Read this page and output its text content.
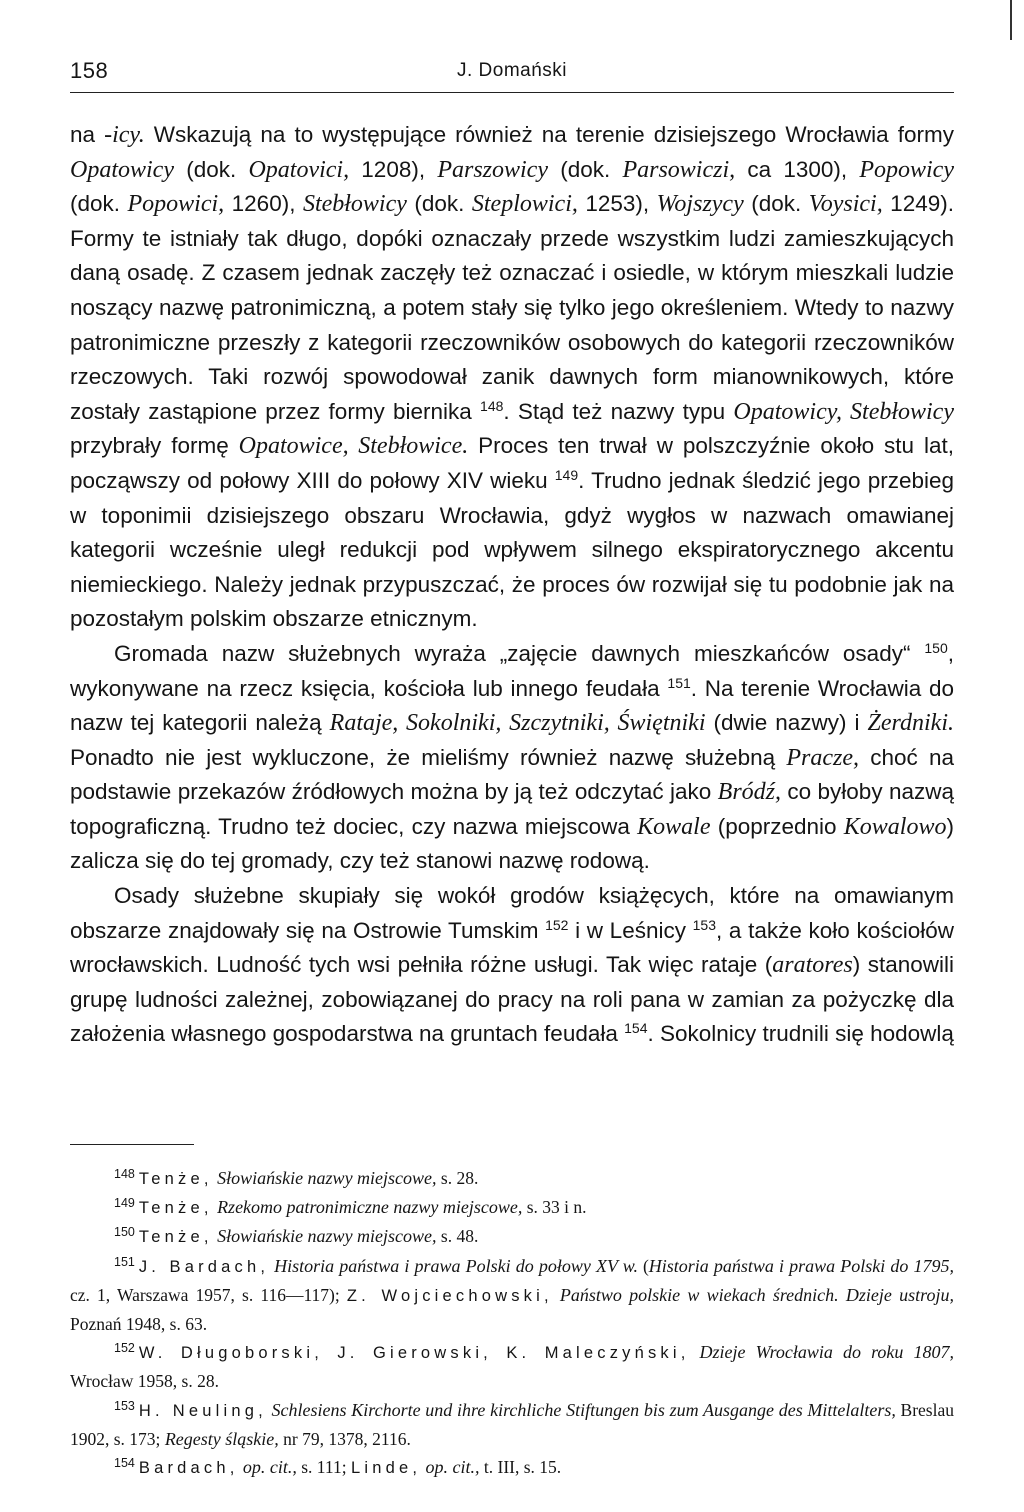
158	J. Domański

na -icy. Wskazują na to występujące również na terenie dzisiejszego Wrocławia formy Opatowicy (dok. Opatovici, 1208), Parszowicy (dok. Parsowiczi, ca 1300), Popowicy (dok. Popowici, 1260), Stebłowicy (dok. Steplowici, 1253), Wojszycy (dok. Voysici, 1249). Formy te istniały tak długo, dopóki oznaczały przede wszystkim ludzi zamieszkujących daną osadę. Z czasem jednak zaczęły też oznaczać i osiedle, w którym mieszkali ludzie noszący nazwę patronimiczną, a potem stały się tylko jego określeniem. Wtedy to nazwy patronimiczne przeszły z kategorii rzeczowników osobowych do kategorii rzeczowników rzeczowych. Taki rozwój spowodował zanik dawnych form mianownikowych, które zostały zastąpione przez formy biernika $^{148}$. Stąd też nazwy typu Opatowicy, Stebłowicy przybrały formę Opatowice, Stebłowice. Proces ten trwał w polszczyźnie około stu lat, począwszy od połowy XIII do połowy XIV wieku $^{149}$. Trudno jednak śledzić jego przebieg w toponimii dzisiejszego obszaru Wrocławia, gdyż wygłos w nazwach omawianej kategorii wcześnie uległ redukcji pod wpływem silnego ekspiratorycznego akcentu niemieckiego. Należy jednak przypuszczać, że proces ów rozwijał się tu podobnie jak na pozostałym polskim obszarze etnicznym.

Gromada nazw służebnych wyraża „zajęcie dawnych mieszkańców osady“ $^{150}$, wykonywane na rzecz księcia, kościoła lub innego feudała $^{151}$. Na terenie Wrocławia do nazw tej kategorii należą Rataje, Sokolniki, Szczytniki, Świętniki (dwie nazwy) i Żerdniki. Ponadto nie jest wykluczone, że mieliśmy również nazwę służebną Pracze, choć na podstawie przekazów źródłowych można by ją też odczytać jako Bródź, co byłoby nazwą topograficzną. Trudno też dociec, czy nazwa miejscowa Kowale (poprzednio Kowalowo) zalicza się do tej gromady, czy też stanowi nazwę rodową.

Osady służebne skupiały się wokół grodów książęcych, które na omawianym obszarze znajdowały się na Ostrowie Tumskim $^{152}$ i w Leśnicy $^{153}$, a także koło kościołów wrocławskich. Ludność tych wsi pełniła różne usługi. Tak więc rataje (aratores) stanowili grupę ludności zależnej, zobowiązanej do pracy na roli pana w zamian za pożyczkę dla założenia własnego gospodarstwa na gruntach feudała $^{154}$. Sokolnicy trudnili się hodowlą

$^{148}$ Tenże, Słowiańskie nazwy miejscowe, s. 28.

$^{149}$ Tenże, Rzekomo patronimiczne nazwy miejscowe, s. 33 i n.

$^{150}$ Tenże, Słowiańskie nazwy miejscowe, s. 48.

$^{151}$ J. Bardach, Historia państwa i prawa Polski do połowy XV w. (Historia państwa i prawa Polski do 1795, cz. 1, Warszawa 1957, s. 116—117); Z. Wojciechowski, Państwo polskie w wiekach średnich. Dzieje ustroju, Poznań 1948, s. 63.

$^{152}$ W. Długoborski, J. Gierowski, K. Maleczyński, Dzieje Wrocławia do roku 1807, Wrocław 1958, s. 28.

$^{153}$ H. Neuling, Schlesiens Kirchorte und ihre kirchliche Stiftungen bis zum Ausgange des Mittelalters, Breslau 1902, s. 173; Regesty śląskie, nr 79, 1378, 2116.

$^{154}$ Bardach, op. cit., s. 111; Linde, op. cit., t. III, s. 15.
